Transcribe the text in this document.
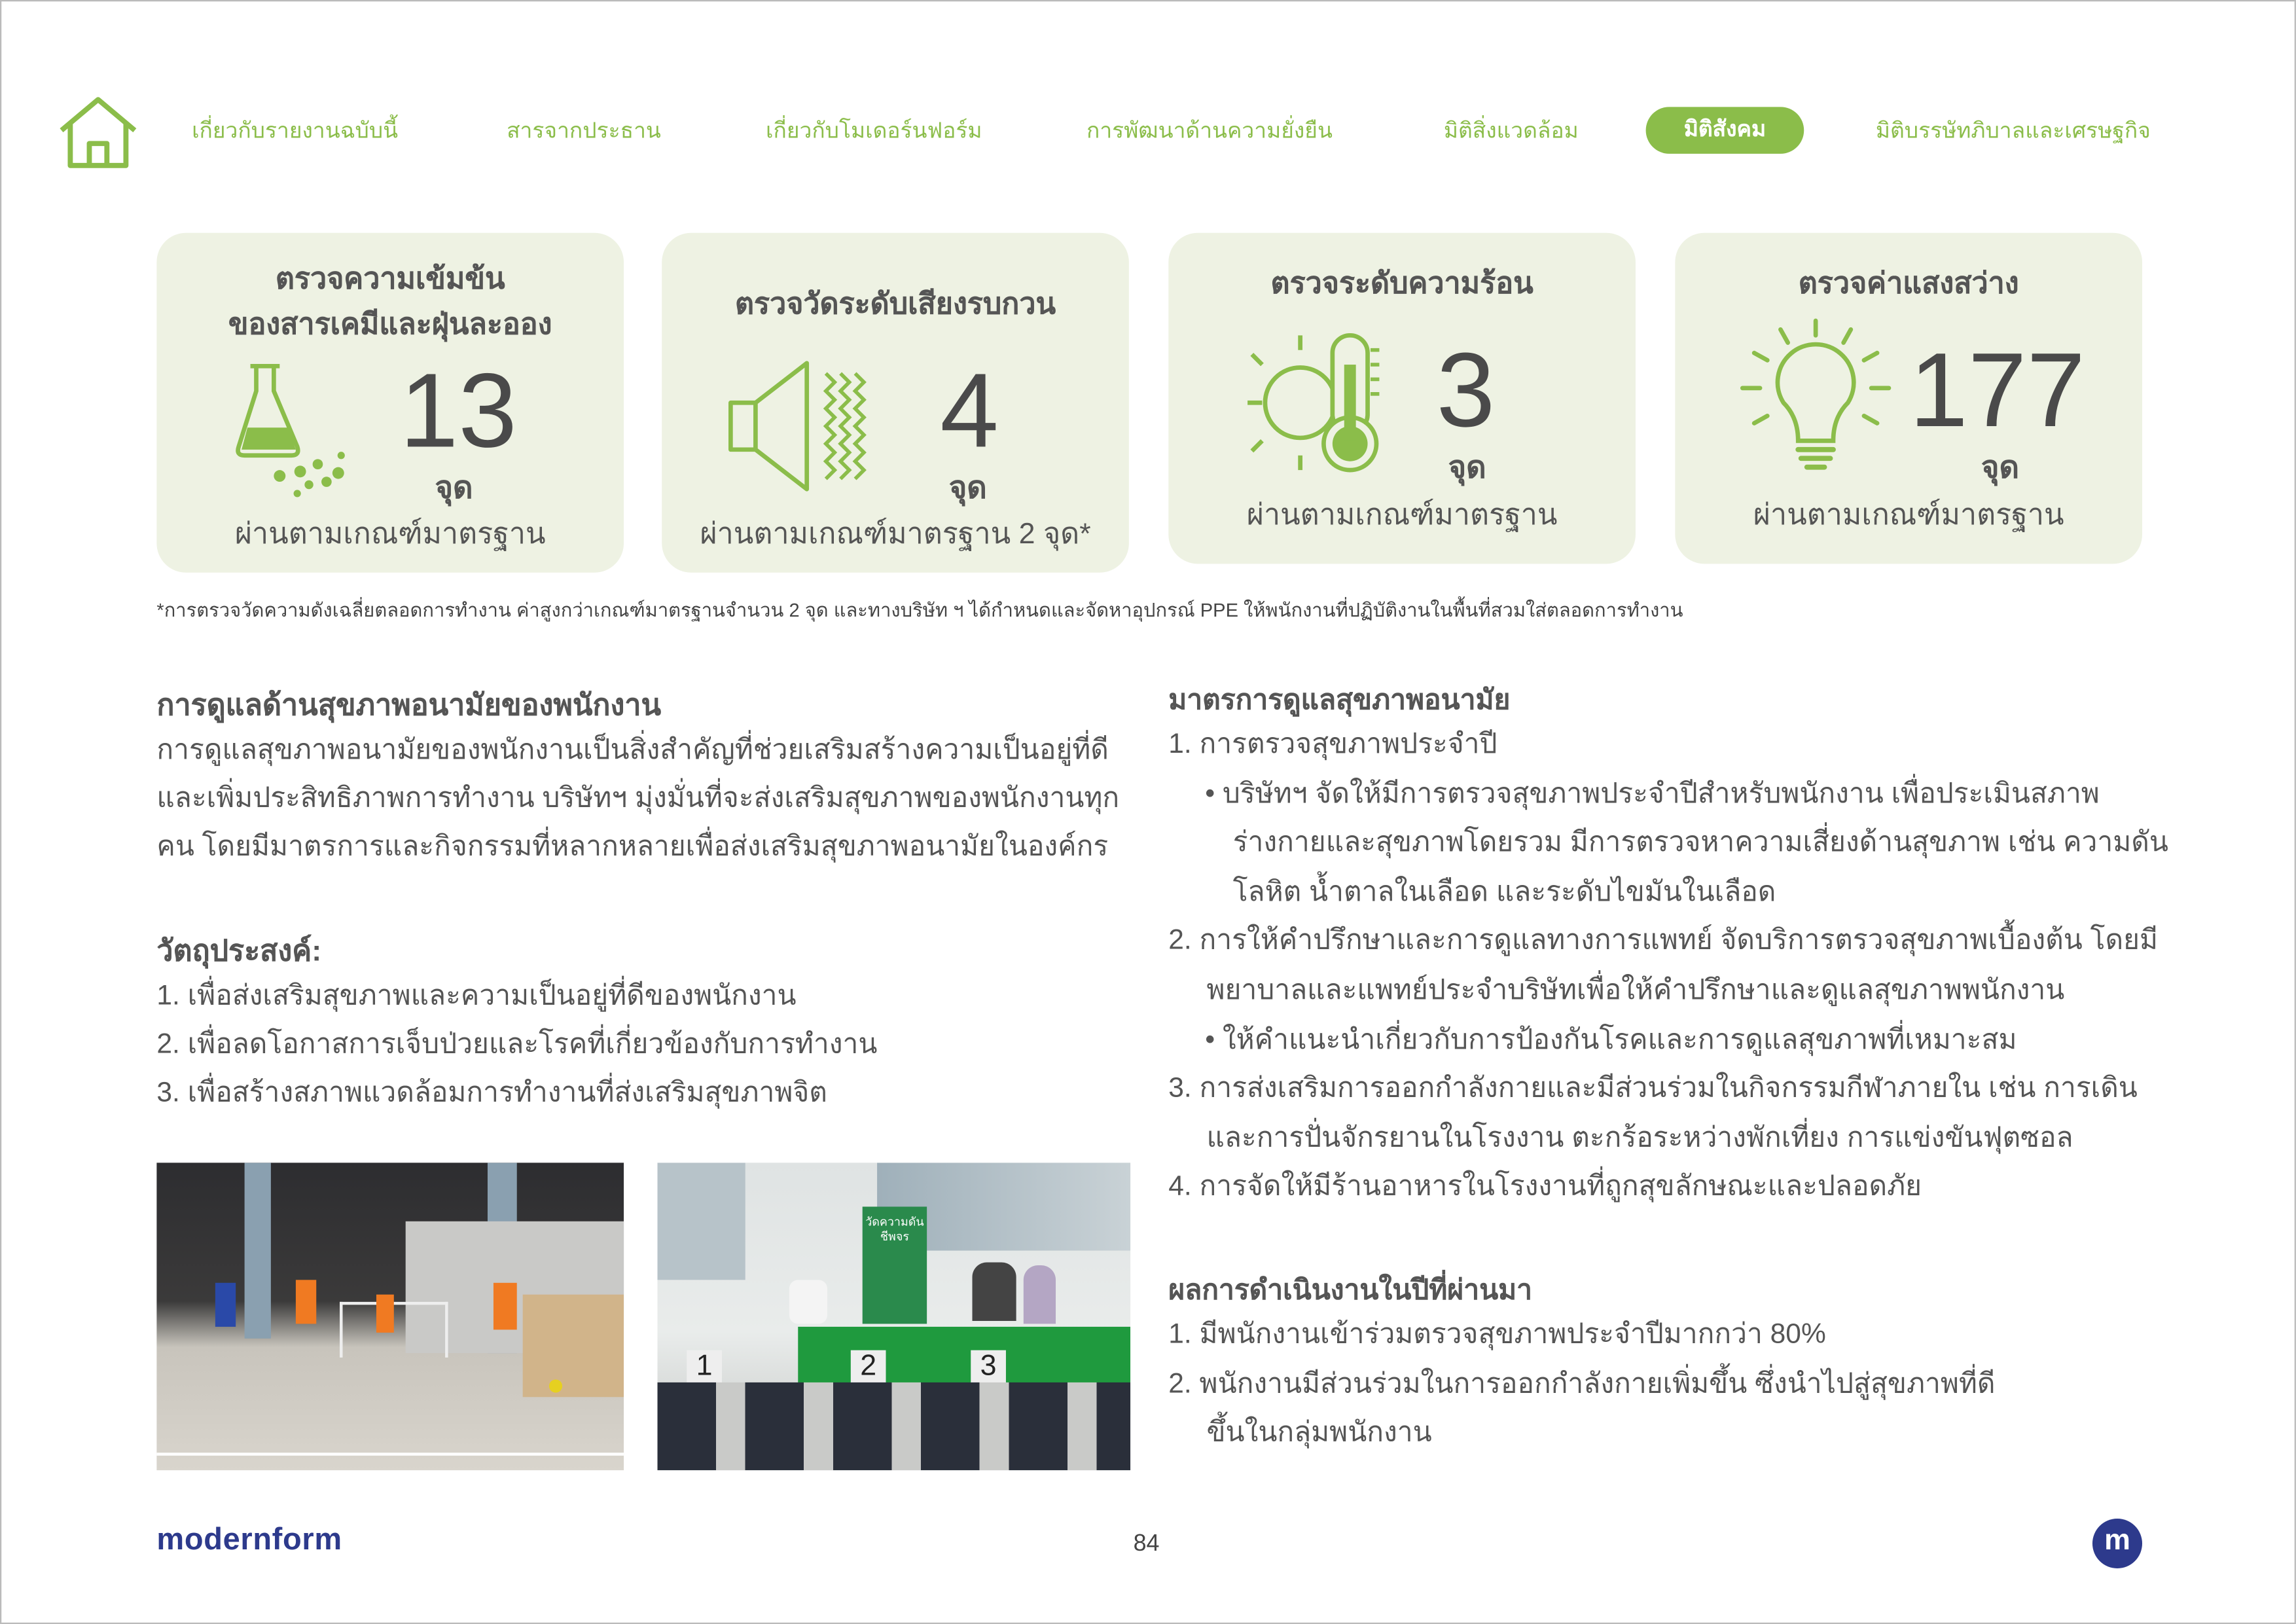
เกี่ยวกับรายงานฉบับนี้	สารจากประธาน	เกี่ยวกับโมเดอร์นฟอร์ม	การพัฒนาด้านความยั่งยืน	มิติสิ่งแวดล้อม	มิติสังคม	มิติบรรษัทภิบาลและเศรษฐกิจ
ตรวจความเข้มข้น
ของสารเคมีและฝุ่นละออง
13
จุด
ผ่านตามเกณฑ์มาตรฐาน
ตรวจวัดระดับเสียงรบกวน
4
จุด
ผ่านตามเกณฑ์มาตรฐาน 2 จุด*
ตรวจระดับความร้อน
3
จุด
ผ่านตามเกณฑ์มาตรฐาน
ตรวจค่าแสงสว่าง
177
จุด
ผ่านตามเกณฑ์มาตรฐาน
*การตรวจวัดความดังเฉลี่ยตลอดการทำงาน ค่าสูงกว่าเกณฑ์มาตรฐานจำนวน 2 จุด และทางบริษัท ฯ ได้กำหนดและจัดหาอุปกรณ์ PPE ให้พนักงานที่ปฏิบัติงานในพื้นที่สวมใส่ตลอดการทำงาน
การดูแลด้านสุขภาพอนามัยของพนักงาน
การดูแลสุขภาพอนามัยของพนักงานเป็นสิ่งสำคัญที่ช่วยเสริมสร้างความเป็นอยู่ที่ดี
และเพิ่มประสิทธิภาพการทำงาน บริษัทฯ มุ่งมั่นที่จะส่งเสริมสุขภาพของพนักงานทุก
คน โดยมีมาตรการและกิจกรรมที่หลากหลายเพื่อส่งเสริมสุขภาพอนามัยในองค์กร
วัตถุประสงค์:
1. เพื่อส่งเสริมสุขภาพและความเป็นอยู่ที่ดีของพนักงาน
2. เพื่อลดโอกาสการเจ็บป่วยและโรคที่เกี่ยวข้องกับการทำงาน
3. เพื่อสร้างสภาพแวดล้อมการทำงานที่ส่งเสริมสุขภาพจิต
วัดความดัน ชีพจร
1	2	3
มาตรการดูแลสุขภาพอนามัย
1. การตรวจสุขภาพประจำปี
• บริษัทฯ จัดให้มีการตรวจสุขภาพประจำปีสำหรับพนักงาน เพื่อประเมินสภาพ
ร่างกายและสุขภาพโดยรวม มีการตรวจหาความเสี่ยงด้านสุขภาพ เช่น ความดัน
โลหิต น้ำตาลในเลือด และระดับไขมันในเลือด
2. การให้คำปรึกษาและการดูแลทางการแพทย์ จัดบริการตรวจสุขภาพเบื้องต้น โดยมี
พยาบาลและแพทย์ประจำบริษัทเพื่อให้คำปรึกษาและดูแลสุขภาพพนักงาน
• ให้คำแนะนำเกี่ยวกับการป้องกันโรคและการดูแลสุขภาพที่เหมาะสม
3. การส่งเสริมการออกกำลังกายและมีส่วนร่วมในกิจกรรมกีฬาภายใน เช่น การเดิน
และการปั่นจักรยานในโรงงาน ตะกร้อระหว่างพักเที่ยง การแข่งขันฟุตซอล
4. การจัดให้มีร้านอาหารในโรงงานที่ถูกสุขลักษณะและปลอดภัย
ผลการดำเนินงานในปีที่ผ่านมา
1. มีพนักงานเข้าร่วมตรวจสุขภาพประจำปีมากกว่า 80%
2. พนักงานมีส่วนร่วมในการออกกำลังกายเพิ่มขึ้น ซึ่งนำไปสู่สุขภาพที่ดี
ขึ้นในกลุ่มพนักงาน
modernform	84	m
